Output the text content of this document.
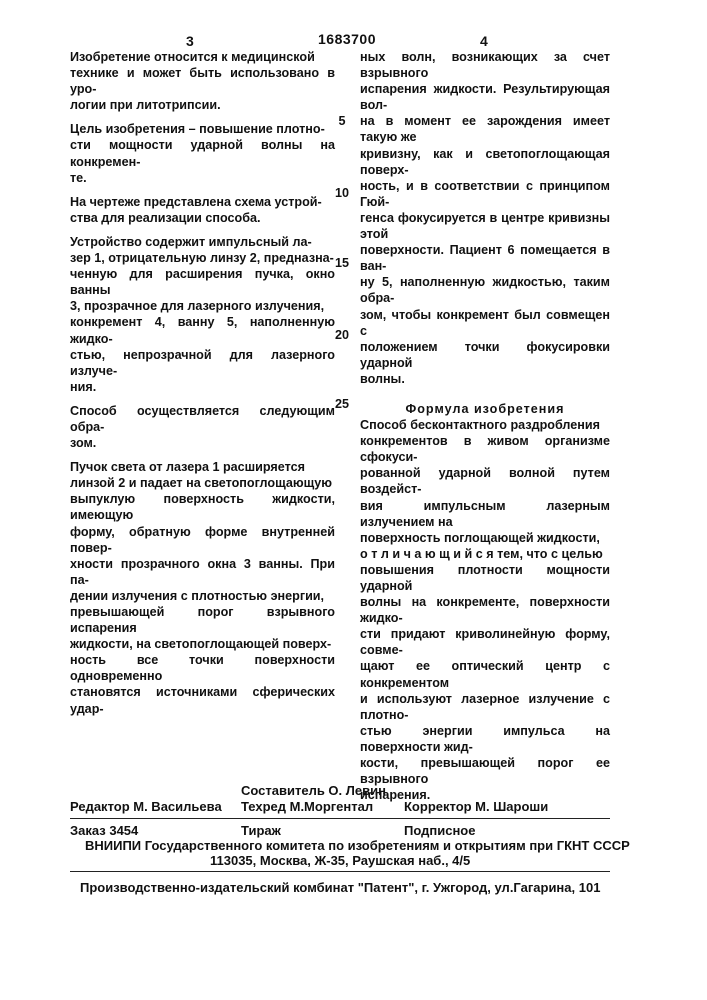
3	1683700	4

Изобретение относится к медицинской
технике и может быть использовано в уро-
логии при литотрипсии.

Цель изобретения – повышение плотно-
сти мощности ударной волны на конкремен-
те.

На чертеже представлена схема устрой-
ства для реализации способа.

Устройство содержит импульсный ла-
зер 1, отрицательную линзу 2, предназна-
ченную для расширения пучка, окно ванны
3, прозрачное для лазерного излучения,
конкремент 4, ванну 5, наполненную жидко-
стью, непрозрачной для лазерного излуче-
ния.

Способ осуществляется следующим обра-
зом.

Пучок света от лазера 1 расширяется
линзой 2 и падает на светопоглощающую
выпуклую поверхность жидкости, имеющую
форму, обратную форме внутренней повер-
хности прозрачного окна 3 ванны. При па-
дении излучения с плотностью энергии,
превышающей порог взрывного испарения
жидкости, на светопоглощающей поверх-
ность все точки поверхности одновременно
становятся источниками сферических удар-

5
10
15
20
25

ных волн, возникающих за счет взрывного
испарения жидкости. Результирующая вол-
на в момент ее зарождения имеет такую же
кривизну, как и светопоглощающая поверх-
ность, и в соответствии с принципом Гюй-
генса фокусируется в центре кривизны этой
поверхности. Пациент 6 помещается в ван-
ну 5, наполненную жидкостью, таким обра-
зом, чтобы конкремент был совмещен с
положением точки фокусировки ударной
волны.

Формула изобретения

Способ бесконтактного раздробления
конкрементов в живом организме сфокуси-
рованной ударной волной путем воздейст-
вия импульсным лазерным излучением на
поверхность поглощающей жидкости,
о т л и ч а ю щ и й с я тем, что с целью
повышения плотности мощности ударной
волны на конкременте, поверхности жидко-
сти придают криволинейную форму, совме-
щают ее оптический центр с конкрементом
и используют лазерное излучение с плотно-
стью энергии импульса на поверхности жид-
кости, превышающей порог ее взрывного
испарения.

Составитель О. Левин
Редактор М. Васильева Техред М.Моргентал Корректор М. Шароши
Заказ 3454	Тираж	Подписное
ВНИИПИ Государственного комитета по изобретениям и открытиям при ГКНТ СССР
113035, Москва, Ж-35, Раушская наб., 4/5
Производственно-издательский комбинат "Патент", г. Ужгород, ул.Гагарина, 101
